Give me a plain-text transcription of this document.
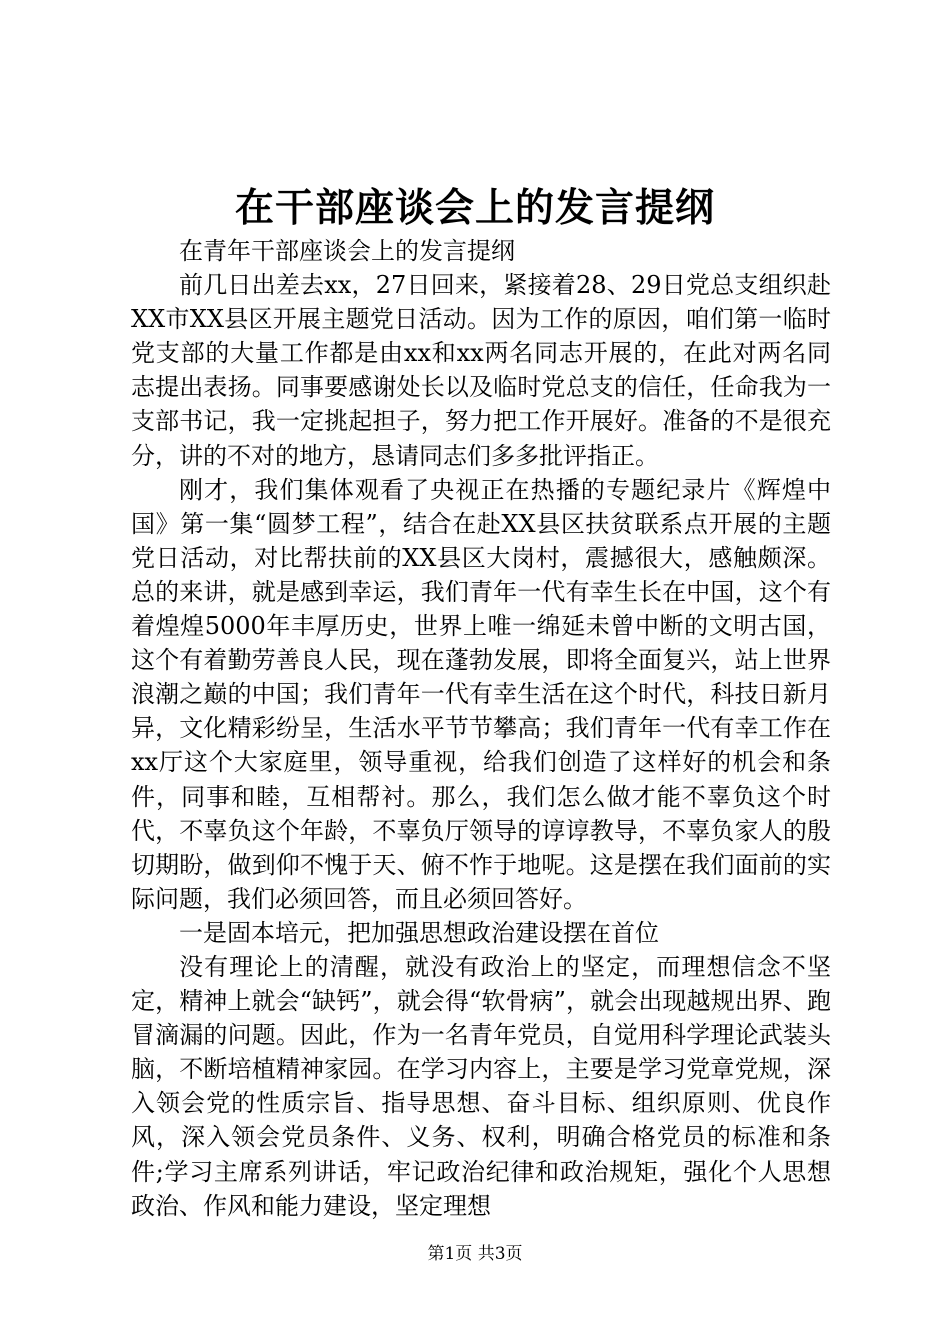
在干部座谈会上的发言提纲

在青年干部座谈会上的发言提纲

前几日出差去xx，27日回来，紧接着28、29日党总支组织赴XX市XX县区开展主题党日活动。因为工作的原因，咱们第一临时党支部的大量工作都是由xx和xx两名同志开展的，在此对两名同志提出表扬。同事要感谢处长以及临时党总支的信任，任命我为一支部书记，我一定挑起担子，努力把工作开展好。准备的不是很充分，讲的不对的地方，恳请同志们多多批评指正。

刚才，我们集体观看了央视正在热播的专题纪录片《辉煌中国》第一集“圆梦工程”，结合在赴XX县区扶贫联系点开展的主题党日活动，对比帮扶前的XX县区大岗村，震撼很大，感触颇深。总的来讲，就是感到幸运，我们青年一代有幸生长在中国，这个有着煌煌5000年丰厚历史，世界上唯一绵延未曾中断的文明古国，这个有着勤劳善良人民，现在蓬勃发展，即将全面复兴，站上世界浪潮之巅的中国；我们青年一代有幸生活在这个时代，科技日新月异，文化精彩纷呈，生活水平节节攀高；我们青年一代有幸工作在xx厅这个大家庭里，领导重视，给我们创造了这样好的机会和条件，同事和睦，互相帮衬。那么，我们怎么做才能不辜负这个时代，不辜负这个年龄，不辜负厅领导的谆谆教导，不辜负家人的殷切期盼，做到仰不愧于天、俯不怍于地呢。这是摆在我们面前的实际问题，我们必须回答，而且必须回答好。

一是固本培元，把加强思想政治建设摆在首位

没有理论上的清醒，就没有政治上的坚定，而理想信念不坚定，精神上就会“缺钙”，就会得“软骨病”，就会出现越规出界、跑冒滴漏的问题。因此，作为一名青年党员，自觉用科学理论武装头脑，不断培植精神家园。在学习内容上，主要是学习党章党规，深入领会党的性质宗旨、指导思想、奋斗目标、组织原则、优良作风，深入领会党员条件、义务、权利，明确合格党员的标准和条件;学习主席系列讲话，牢记政治纪律和政治规矩，强化个人思想政治、作风和能力建设，坚定理想

第1页 共3页
